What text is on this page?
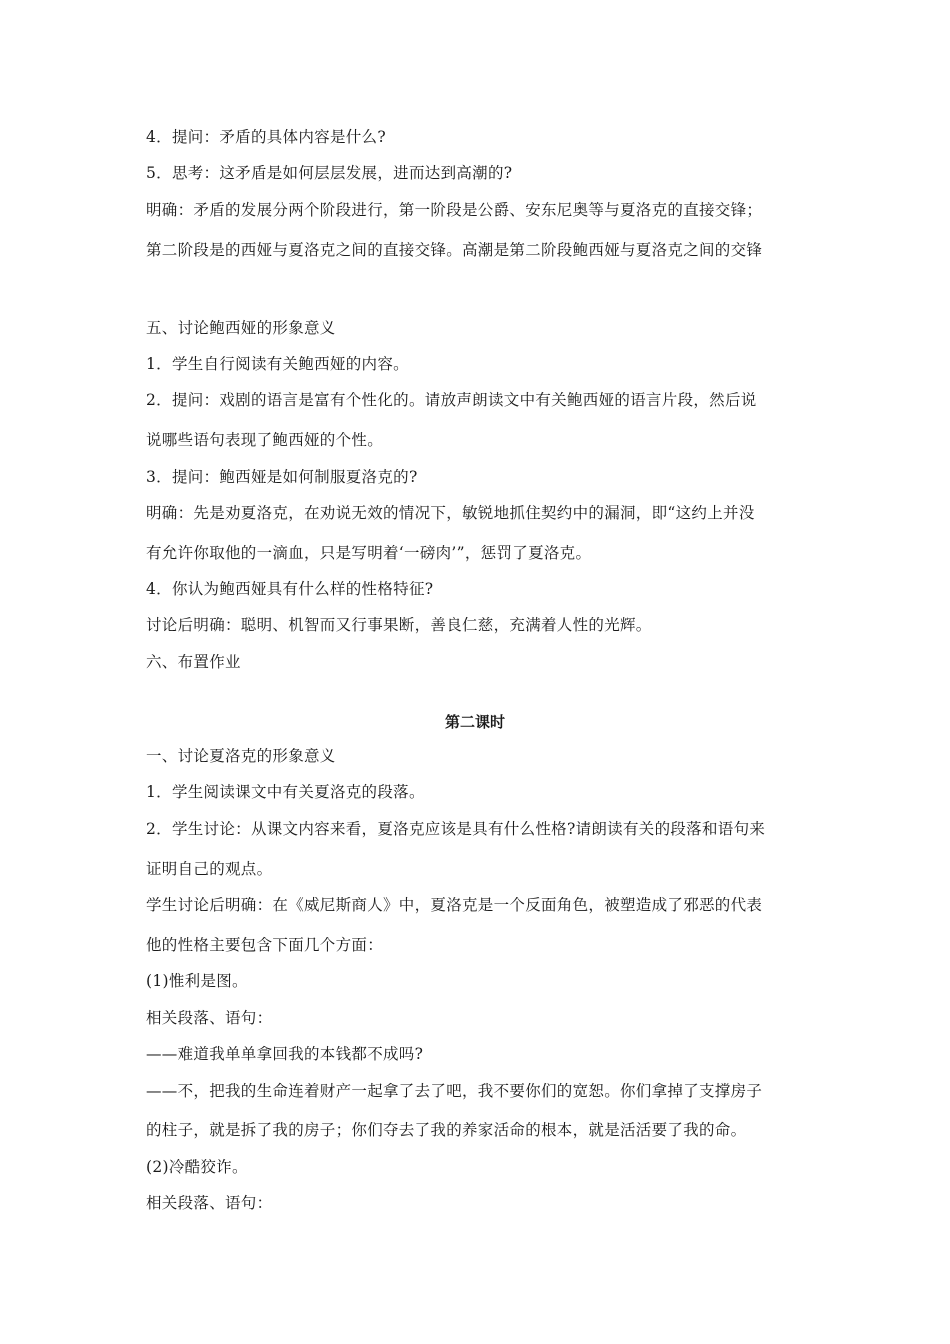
4．提问：矛盾的具体内容是什么?
5．思考：这矛盾是如何层层发展，进而达到高潮的?
明确：矛盾的发展分两个阶段进行，第一阶段是公爵、安东尼奥等与夏洛克的直接交锋；
第二阶段是的西娅与夏洛克之间的直接交锋。高潮是第二阶段鲍西娅与夏洛克之间的交锋
五、讨论鲍西娅的形象意义
1．学生自行阅读有关鲍西娅的内容。
2．提问：戏剧的语言是富有个性化的。请放声朗读文中有关鲍西娅的语言片段，然后说
说哪些语句表现了鲍西娅的个性。
3．提问：鲍西娅是如何制服夏洛克的?
明确：先是劝夏洛克，在劝说无效的情况下，敏锐地抓住契约中的漏洞，即“这约上并没
有允许你取他的一滴血，只是写明着‘一磅肉’”，惩罚了夏洛克。
4．你认为鲍西娅具有什么样的性格特征?
讨论后明确：聪明、机智而又行事果断，善良仁慈，充满着人性的光辉。
六、布置作业
第二课时
一、讨论夏洛克的形象意义
1．学生阅读课文中有关夏洛克的段落。
2．学生讨论：从课文内容来看，夏洛克应该是具有什么性格?请朗读有关的段落和语句来
证明自己的观点。
学生讨论后明确：在《威尼斯商人》中，夏洛克是一个反面角色，被塑造成了邪恶的代表
他的性格主要包含下面几个方面：
(1)惟利是图。
相关段落、语句：
——难道我单单拿回我的本钱都不成吗?
——不，把我的生命连着财产一起拿了去了吧，我不要你们的宽恕。你们拿掉了支撑房子
的柱子，就是拆了我的房子；你们夺去了我的养家活命的根本，就是活活要了我的命。
(2)冷酷狡诈。
相关段落、语句：
